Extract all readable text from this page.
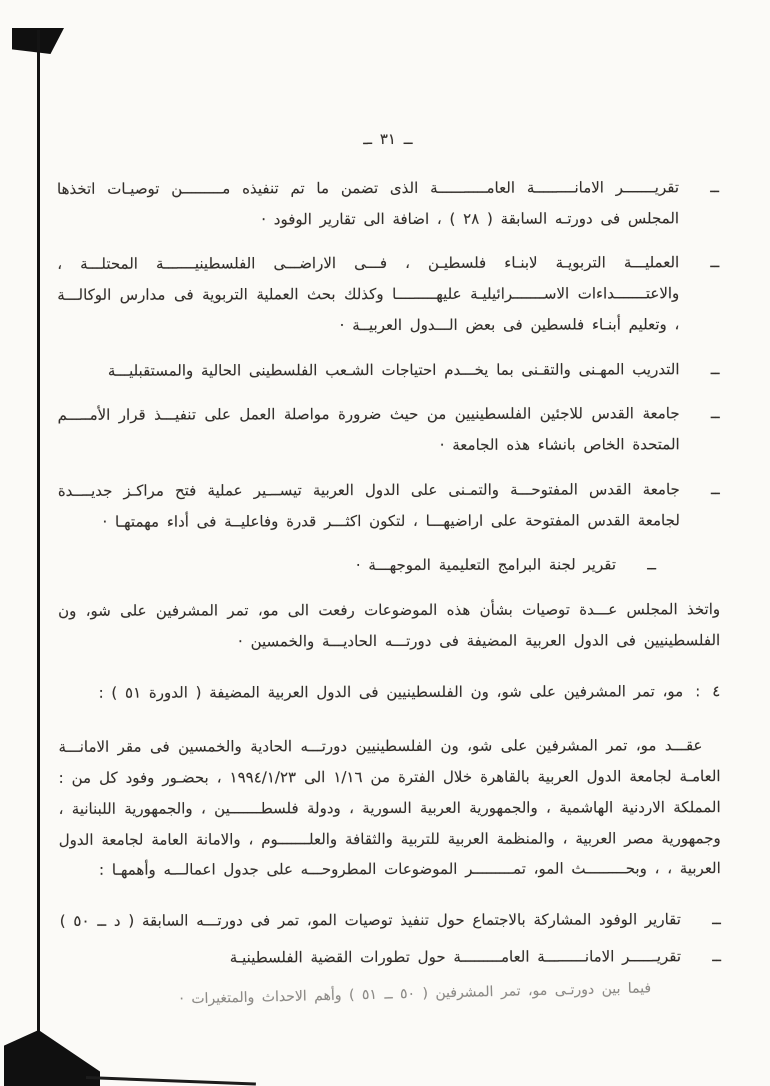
ــ ٣١ ــ
ــ
تقريـــــــر الامانـــــــــة العامـــــــــــة الذى تضمن ما تم تنفيذه مـــــــــن توصيـات اتخذها المجلس فى دورتـه السابقة ( ٢٨ ) ، اضافة الى تقارير الوفود ·
ــ
العمليـــة التربويـة لابنـاء فلسطيـن ، فـــى الاراضـــى الفلسطينيـــــــة المحتلـــة ، والاعتـــــــداءات الاســـــــرائيليـة عليهـــــــــا وكذلك بحث العملية التربوية فى مدارس الوكالـــة ، وتعليم أبنـاء فلسطين فى بعض الـــدول العربيــة ·
ــ
التدريب المهـنى والتقـنى بما يخـــدم احتياجات الشـعب الفلسطينى الحالية والمستقبليـــة
ــ
جامعة القدس للاجئين الفلسطينيين من حيث ضرورة مواصلة العمل على تنفيـــذ قرار الأمـــــم المتحدة الخاص بانشاء هذه الجامعة ·
ــ
جامعة القدس المفتوحـــة والتمـنى على الدول العربية تيســـير عملية فتح مراكـز جديــــدة لجامعة القدس المفتوحة على اراضيهـــا ، لتكون اكثـــر قدرة وفاعليــة فى أداء مهمتهـا ·
ــ
تقرير لجنة البرامج التعليمية الموجهـــة ·

واتخذ المجلس عـــدة توصيات بشأن هذه الموضوعات رفعت الى مو، تمر المشرفين على شو، ون الفلسطينيين فى الدول العربية المضيفة فى دورتـــه الحاديـــة والخمسين ·

٤
:
مو، تمر المشرفين على شو، ون الفلسطينيين فى الدول العربية المضيفة ( الدورة ٥١ ) :

عقـــد مو، تمر المشرفين على شو، ون الفلسطينيين دورتـــه الحادية والخمسين فى مقر الامانـــة العامـة لجامعة الدول العربية بالقاهرة خلال الفترة من ١/١٦ الى ١٩٩٤/١/٢٣ ، بحضـور وفود كل من : المملكة الاردنية الهاشمية ، والجمهورية العربية السورية ، ودولة فلسطـــــــين ، والجمهورية اللبنانية ، وجمهورية مصر العربية ، والمنظمة العربية للتربية والثقافة والعلـــــــوم ، والامانة العامة لجامعة الدول العربية ، ، وبحـــــــــث المو، تمـــــــــر الموضوعات المطروحـــه على جدول اعمالـــه وأهمهـا :

ــ
تقارير الوفود المشاركة بالاجتماع حول تنفيذ توصيات المو، تمر فى دورتـــه السابقة ( د ــ ٥٠ )
ــ
تقريــــــر الامانـــــــــة العامـــــــــة حول تطورات القضية الفلسطينيـة
فيما بين دورتـى مو، تمر المشرفين ( ٥٠ ــ ٥١ ) وأهم الاحداث والمتغيرات ·
